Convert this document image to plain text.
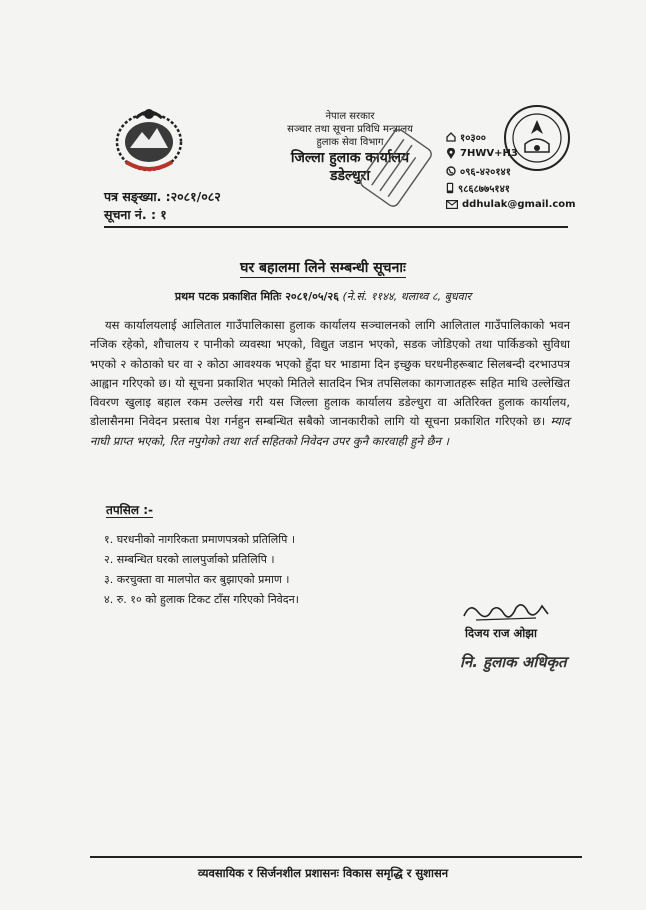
नेपाल सरकार
सञ्चार तथा सूचना प्रविधि मन्त्रालय
हुलाक सेवा विभाग
जिल्ला हुलाक कार्यालय
डडेल्धुरा
१०३००
7HWV+H3
०९६-४२०१४१
९८६८७७५१४१
ddhulak@gmail.com
पत्र सङ्ख्या. :२०८१/०८२
सूचना नं. : १
घर बहालमा लिने सम्बन्धी सूचनाः
प्रथम पटक प्रकाशित मितिः २०८१/०५/२६ (ने.सं. ११४४, थलाथ्व ८, बुधवार
यस कार्यालयलाई आलिताल गाउँपालिकासा हुलाक कार्यालय सञ्चालनको लागि आलिताल गाउँपालिकाको भवन नजिक रहेको, शौचालय र पानीको व्यवस्था भएको, विद्युत जडान भएको, सडक जोडिएको तथा पार्किङको सुविधा भएको २ कोठाको घर वा २ कोठा आवश्यक भएको हुँदा घर भाडामा दिन इच्छुक घरधनीहरूबाट सिलबन्दी दरभाउपत्र आह्वान गरिएको छ। यो सूचना प्रकाशित भएको मितिले सातदिन भित्र तपसिलका कागजातहरू सहित माथि उल्लेखित विवरण खुलाइ बहाल रकम उल्लेख गरी यस जिल्ला हुलाक कार्यालय डडेल्धुरा वा अतिरिक्त हुलाक कार्यालय, डोलासैनमा निवेदन प्रस्ताब पेश गर्नहुन सम्बन्धित सबैको जानकारीको लागि यो सूचना प्रकाशित गरिएको छ। म्याद नाघी प्राप्त भएको, रित नपुगेको तथा शर्त सहितको निवेदन उपर कुनै कारवाही हुने छैन ।
तपसिल :-
१. घरधनीको नागरिकता प्रमाणपत्रको प्रतिलिपि ।
२. सम्बन्धित घरको लालपुर्जाको प्रतिलिपि ।
३. करचुक्ता वा मालपोत कर बुझाएको प्रमाण ।
४. रु. १० को हुलाक टिकट टाँस गरिएको निवेदन।
दिजय राज ओझा
नि. हुलाक अधिकृत
व्यवसायिक र सिर्जनशील प्रशासनः विकास समृद्धि र सुशासन
